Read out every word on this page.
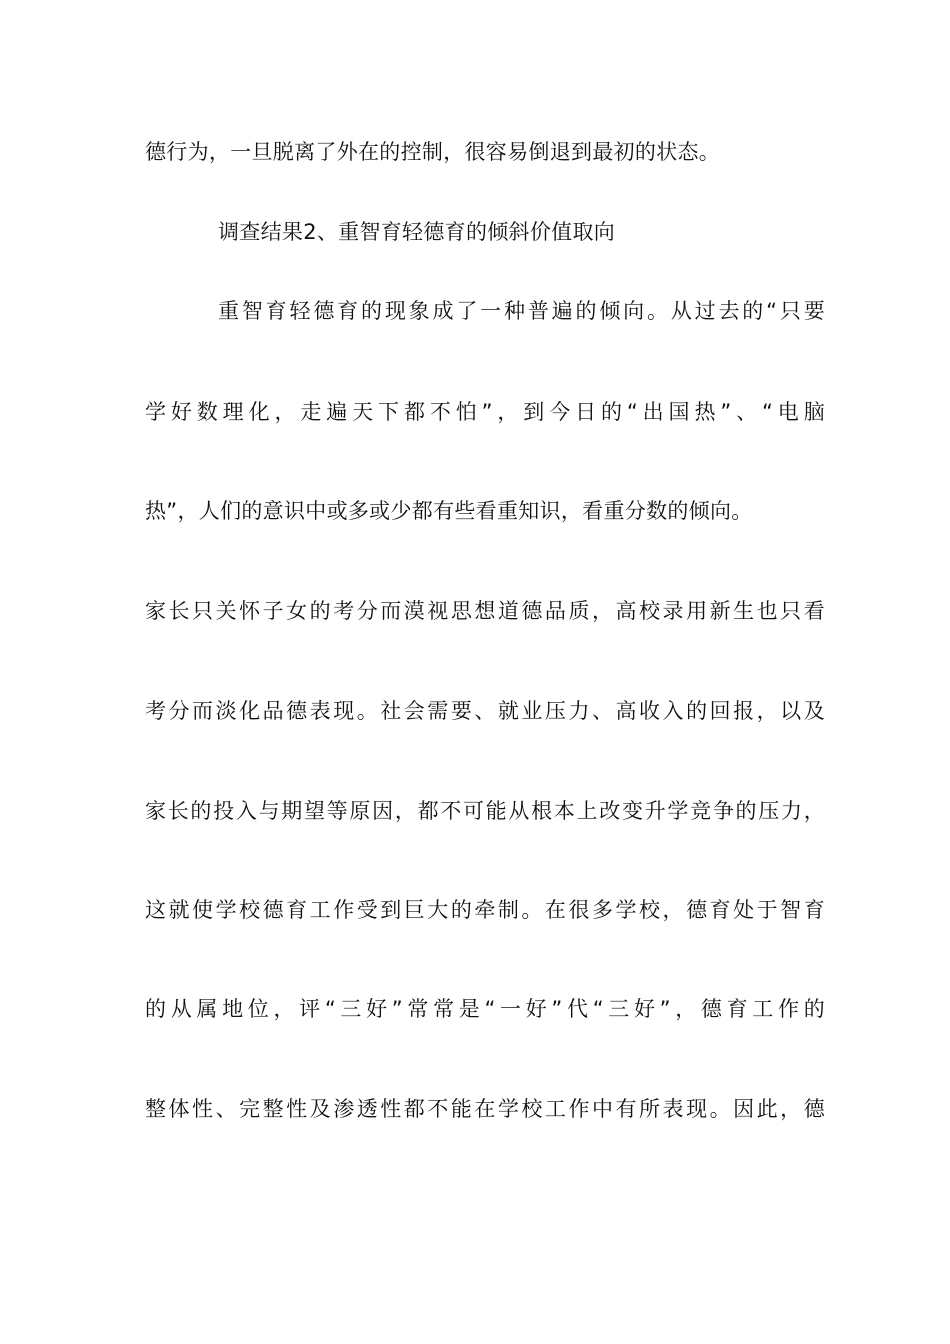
德行为，一旦脱离了外在的控制，很容易倒退到最初的状态。
调查结果2、重智育轻德育的倾斜价值取向
重智育轻德育的现象成了一种普遍的倾向。从过去的“只要
学好数理化，走遍天下都不怕”，到今日的“出国热”、“电脑
热”，人们的意识中或多或少都有些看重知识，看重分数的倾向。
家长只关怀子女的考分而漠视思想道德品质，高校录用新生也只看
考分而淡化品德表现。社会需要、就业压力、高收入的回报，以及
家长的投入与期望等原因，都不可能从根本上改变升学竞争的压力，
这就使学校德育工作受到巨大的牵制。在很多学校，德育处于智育
的从属地位，评“三好”常常是“一好”代“三好”，德育工作的
整体性、完整性及渗透性都不能在学校工作中有所表现。因此，德
